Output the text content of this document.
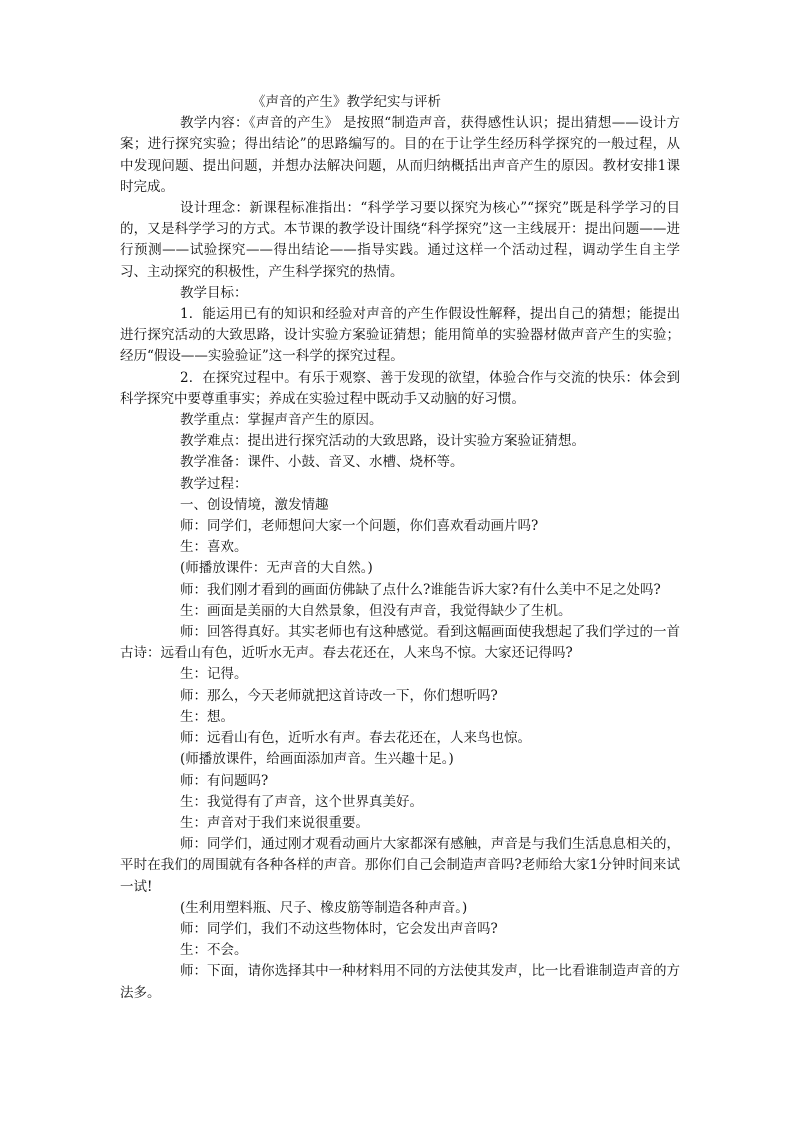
《声音的产生》教学纪实与评析

教学内容：《声音的产生》 是按照“制造声音，获得感性认识；提出猜想——设计方案；进行探究实验；得出结论”的思路编写的。目的在于让学生经历科学探究的一般过程，从中发现问题、提出问题，并想办法解决问题，从而归纳概括出声音产生的原因。教材安排1课时完成。

设计理念：新课程标准指出：“科学学习要以探究为核心”“探究”既是科学学习的目的，又是科学学习的方式。本节课的教学设计围绕“科学探究”这一主线展开：提出问题——进行预测——试验探究——得出结论——指导实践。通过这样一个活动过程，调动学生自主学习、主动探究的积极性，产生科学探究的热情。

教学目标：

1．能运用已有的知识和经验对声音的产生作假设性解释，提出自己的猜想；能提出进行探究活动的大致思路，设计实验方案验证猜想；能用简单的实验器材做声音产生的实验；经历“假设——实验验证”这一科学的探究过程。

2．在探究过程中。有乐于观察、善于发现的欲望，体验合作与交流的快乐：体会到科学探究中要尊重事实；养成在实验过程中既动手又动脑的好习惯。

教学重点：掌握声音产生的原因。

教学难点：提出进行探究活动的大致思路，设计实验方案验证猜想。

教学准备：课件、小鼓、音叉、水槽、烧杯等。

教学过程：

一、创设情境，激发情趣

师：同学们，老师想问大家一个问题，你们喜欢看动画片吗?

生：喜欢。

(师播放课件：无声音的大自然。)

师：我们刚才看到的画面仿佛缺了点什么?谁能告诉大家?有什么美中不足之处吗?

生：画面是美丽的大自然景象，但没有声音，我觉得缺少了生机。

师：回答得真好。其实老师也有这种感觉。看到这幅画面使我想起了我们学过的一首古诗：远看山有色，近听水无声。春去花还在，人来鸟不惊。大家还记得吗?

生：记得。

师：那么，今天老师就把这首诗改一下，你们想听吗?

生：想。

师：远看山有色，近听水有声。春去花还在，人来鸟也惊。

(师播放课件，给画面添加声音。生兴趣十足。)

师：有问题吗?

生：我觉得有了声音，这个世界真美好。

生：声音对于我们来说很重要。

师：同学们，通过刚才观看动画片大家都深有感触，声音是与我们生活息息相关的，平时在我们的周围就有各种各样的声音。那你们自己会制造声音吗?老师给大家1分钟时间来试一试!

(生利用塑料瓶、尺子、橡皮筋等制造各种声音。)

师：同学们，我们不动这些物体时，它会发出声音吗?

生：不会。

师：下面，请你选择其中一种材料用不同的方法使其发声，比一比看谁制造声音的方法多。
